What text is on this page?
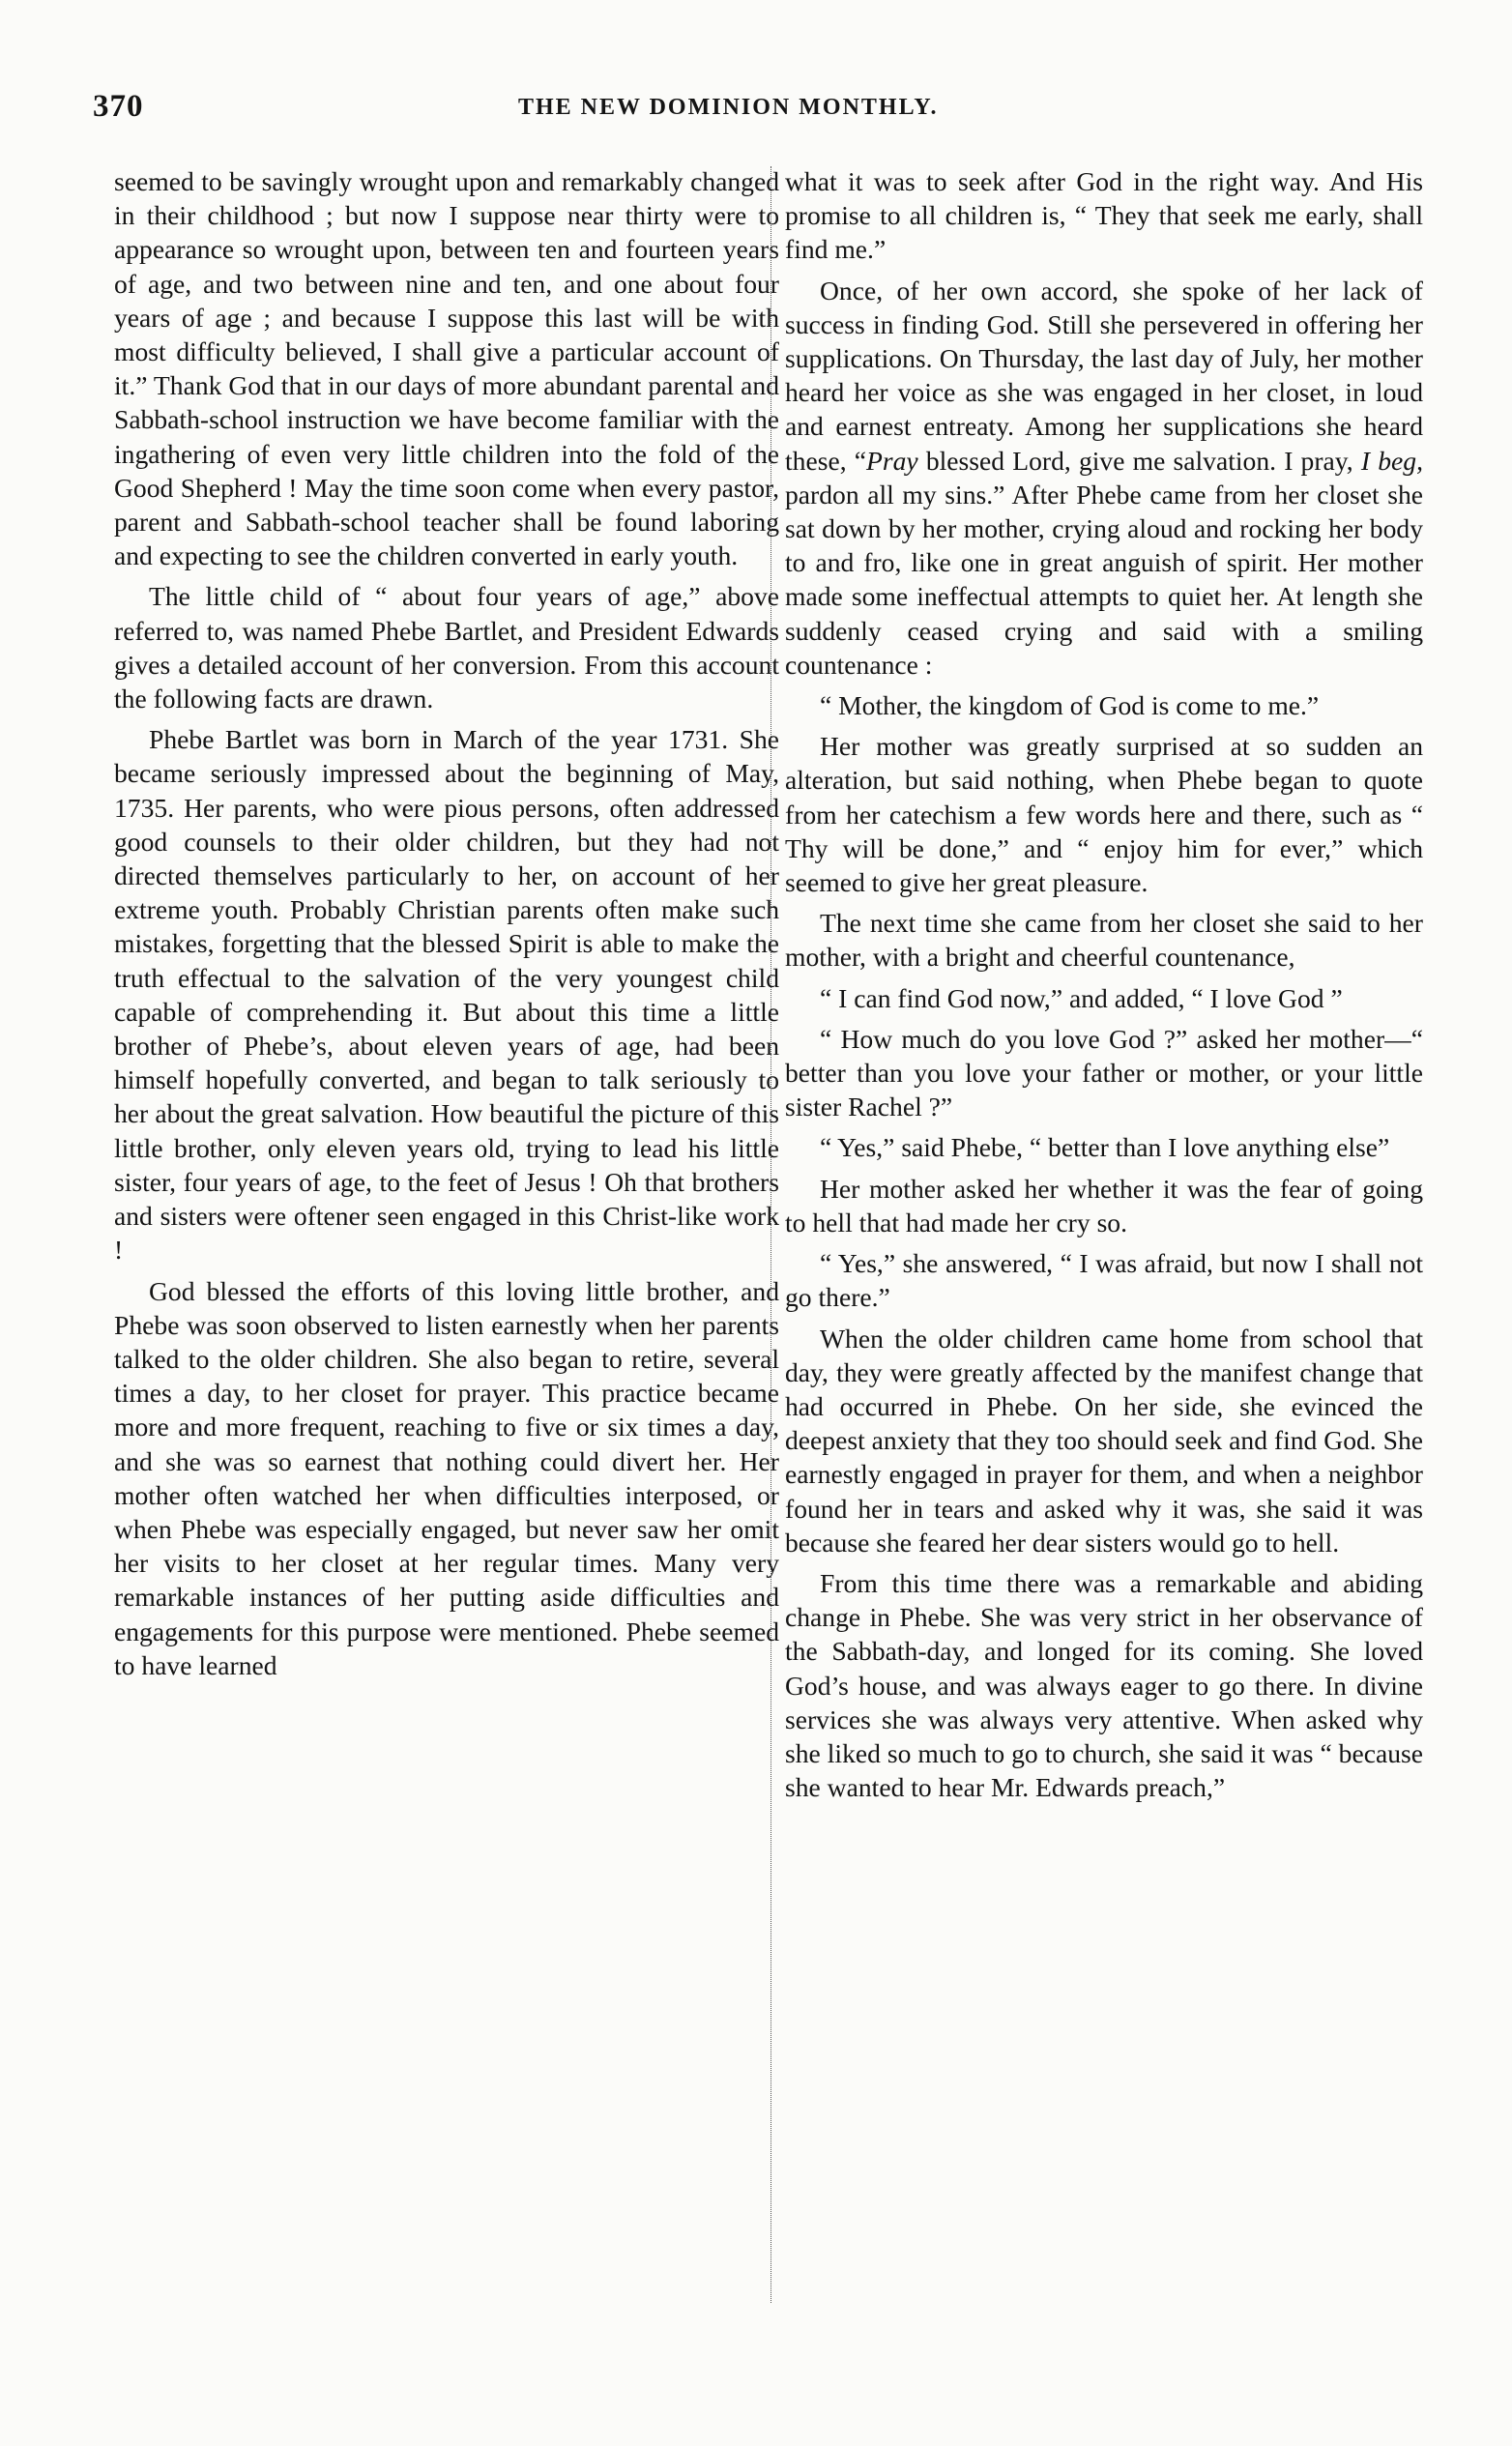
370	THE NEW DOMINION MONTHLY.

seemed to be savingly wrought upon and remarkably changed in their childhood ; but now I suppose near thirty were to appearance so wrought upon, between ten and fourteen years of age, and two between nine and ten, and one about four years of age ; and because I suppose this last will be with most difficulty believed, I shall give a particular account of it.” Thank God that in our days of more abundant parental and Sabbath-school instruction we have become familiar with the ingathering of even very little children into the fold of the Good Shepherd ! May the time soon come when every pastor, parent and Sabbath-school teacher shall be found laboring and expecting to see the children converted in early youth.

The little child of “ about four years of age,” above referred to, was named Phebe Bartlet, and President Edwards gives a detailed account of her conversion. From this account the following facts are drawn.

Phebe Bartlet was born in March of the year 1731. She became seriously impressed about the beginning of May, 1735. Her parents, who were pious persons, often addressed good counsels to their older children, but they had not directed themselves particularly to her, on account of her extreme youth. Probably Christian parents often make such mistakes, forgetting that the blessed Spirit is able to make the truth effectual to the salvation of the very youngest child capable of comprehending it. But about this time a little brother of Phebe’s, about eleven years of age, had been himself hopefully converted, and began to talk seriously to her about the great salvation. How beautiful the picture of this little brother, only eleven years old, trying to lead his little sister, four years of age, to the feet of Jesus ! Oh that brothers and sisters were oftener seen engaged in this Christ-like work !

God blessed the efforts of this loving little brother, and Phebe was soon observed to listen earnestly when her parents talked to the older children. She also began to retire, several times a day, to her closet for prayer. This practice became more and more frequent, reaching to five or six times a day, and she was so earnest that nothing could divert her. Her mother often watched her when difficulties interposed, or when Phebe was especially engaged, but never saw her omit her visits to her closet at her regular times. Many very remarkable instances of her putting aside difficulties and engagements for this purpose were mentioned. Phebe seemed to have learned

what it was to seek after God in the right way. And His promise to all children is, “ They that seek me early, shall find me.”

Once, of her own accord, she spoke of her lack of success in finding God. Still she persevered in offering her supplications. On Thursday, the last day of July, her mother heard her voice as she was engaged in her closet, in loud and earnest entreaty. Among her supplications she heard these, “Pray blessed Lord, give me salvation. I pray, I beg, pardon all my sins.” After Phebe came from her closet she sat down by her mother, crying aloud and rocking her body to and fro, like one in great anguish of spirit. Her mother made some ineffectual attempts to quiet her. At length she suddenly ceased crying and said with a smiling countenance :

“ Mother, the kingdom of God is come to me.”

Her mother was greatly surprised at so sudden an alteration, but said nothing, when Phebe began to quote from her catechism a few words here and there, such as “ Thy will be done,” and “ enjoy him for ever,” which seemed to give her great pleasure.

The next time she came from her closet she said to her mother, with a bright and cheerful countenance,

“ I can find God now,” and added, “ I love God ”

“ How much do you love God ?” asked her mother—“ better than you love your father or mother, or your little sister Rachel ?”

“ Yes,” said Phebe, “ better than I love anything else”

Her mother asked her whether it was the fear of going to hell that had made her cry so.

“ Yes,” she answered, “ I was afraid, but now I shall not go there.”

When the older children came home from school that day, they were greatly affected by the manifest change that had occurred in Phebe. On her side, she evinced the deepest anxiety that they too should seek and find God. She earnestly engaged in prayer for them, and when a neighbor found her in tears and asked why it was, she said it was because she feared her dear sisters would go to hell.

From this time there was a remarkable and abiding change in Phebe. She was very strict in her observance of the Sabbath-day, and longed for its coming. She loved God’s house, and was always eager to go there. In divine services she was always very attentive. When asked why she liked so much to go to church, she said it was “ because she wanted to hear Mr. Edwards preach,”
